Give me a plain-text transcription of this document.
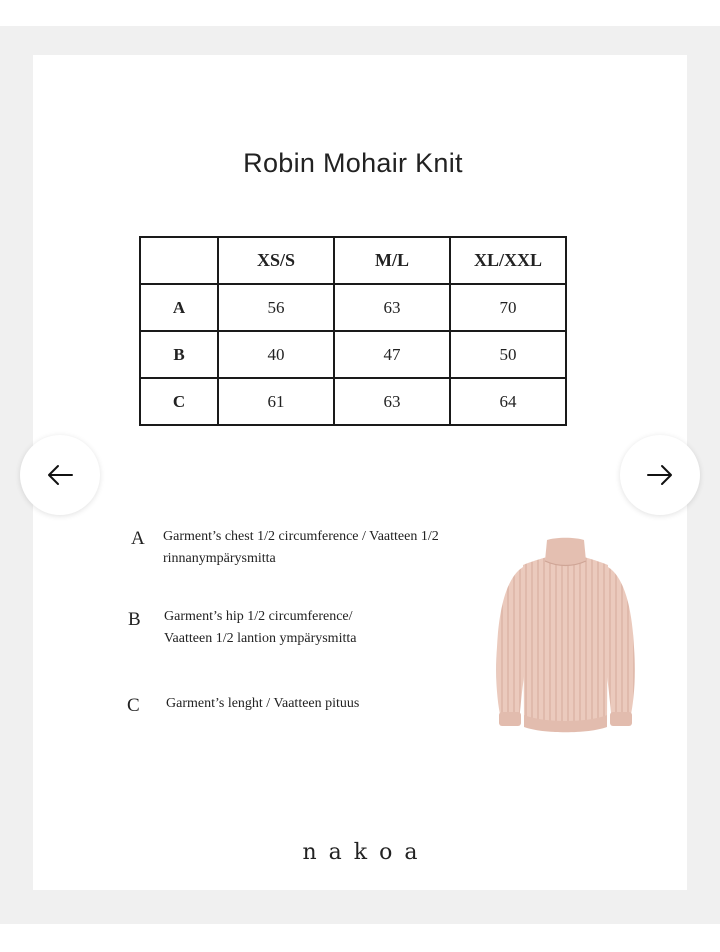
Robin Mohair Knit
	XS/S	M/L	XL/XXL
A	56	63	70
B	40	47	50
C	61	63	64
A Garment’s chest 1/2 circumference / Vaatteen 1/2
rinnanympärysmitta
B Garment’s hip 1/2 circumference/
Vaatteen 1/2 lantion ympärysmitta
C Garment’s lenght / Vaatteen pituus
nakoa
